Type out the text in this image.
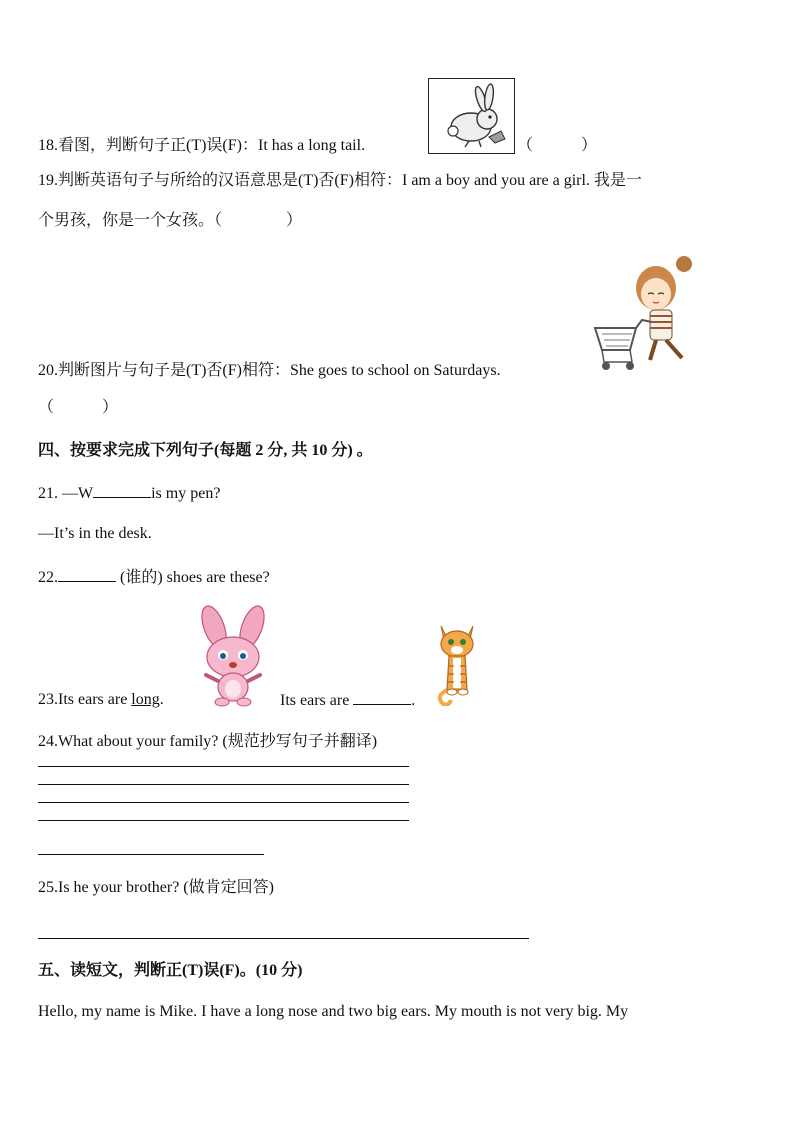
18.看图，判断句子正(T)误(F)：It has a long tail.	（　　　）
19.判断英语句子与所给的汉语意思是(T)否(F)相符：I am a boy and you are a girl. 我是一
个男孩，你是一个女孩。（　　　　）
20.判断图片与句子是(T)否(F)相符：She goes to school on Saturdays.
（　　　）
四、按要求完成下列句子(每题 2 分, 共 10 分) 。
21. —W	is my pen?
—It’s in the desk.
22.	(谁的) shoes are these?
23.Its ears are long.	Its ears are	.
24.What about your family? (规范抄写句子并翻译)
25.Is he your brother? (做肯定回答)
五、读短文，判断正(T)误(F)。(10 分)
Hello, my name is Mike. I have a long nose and two big ears. My mouth is not very big. My
